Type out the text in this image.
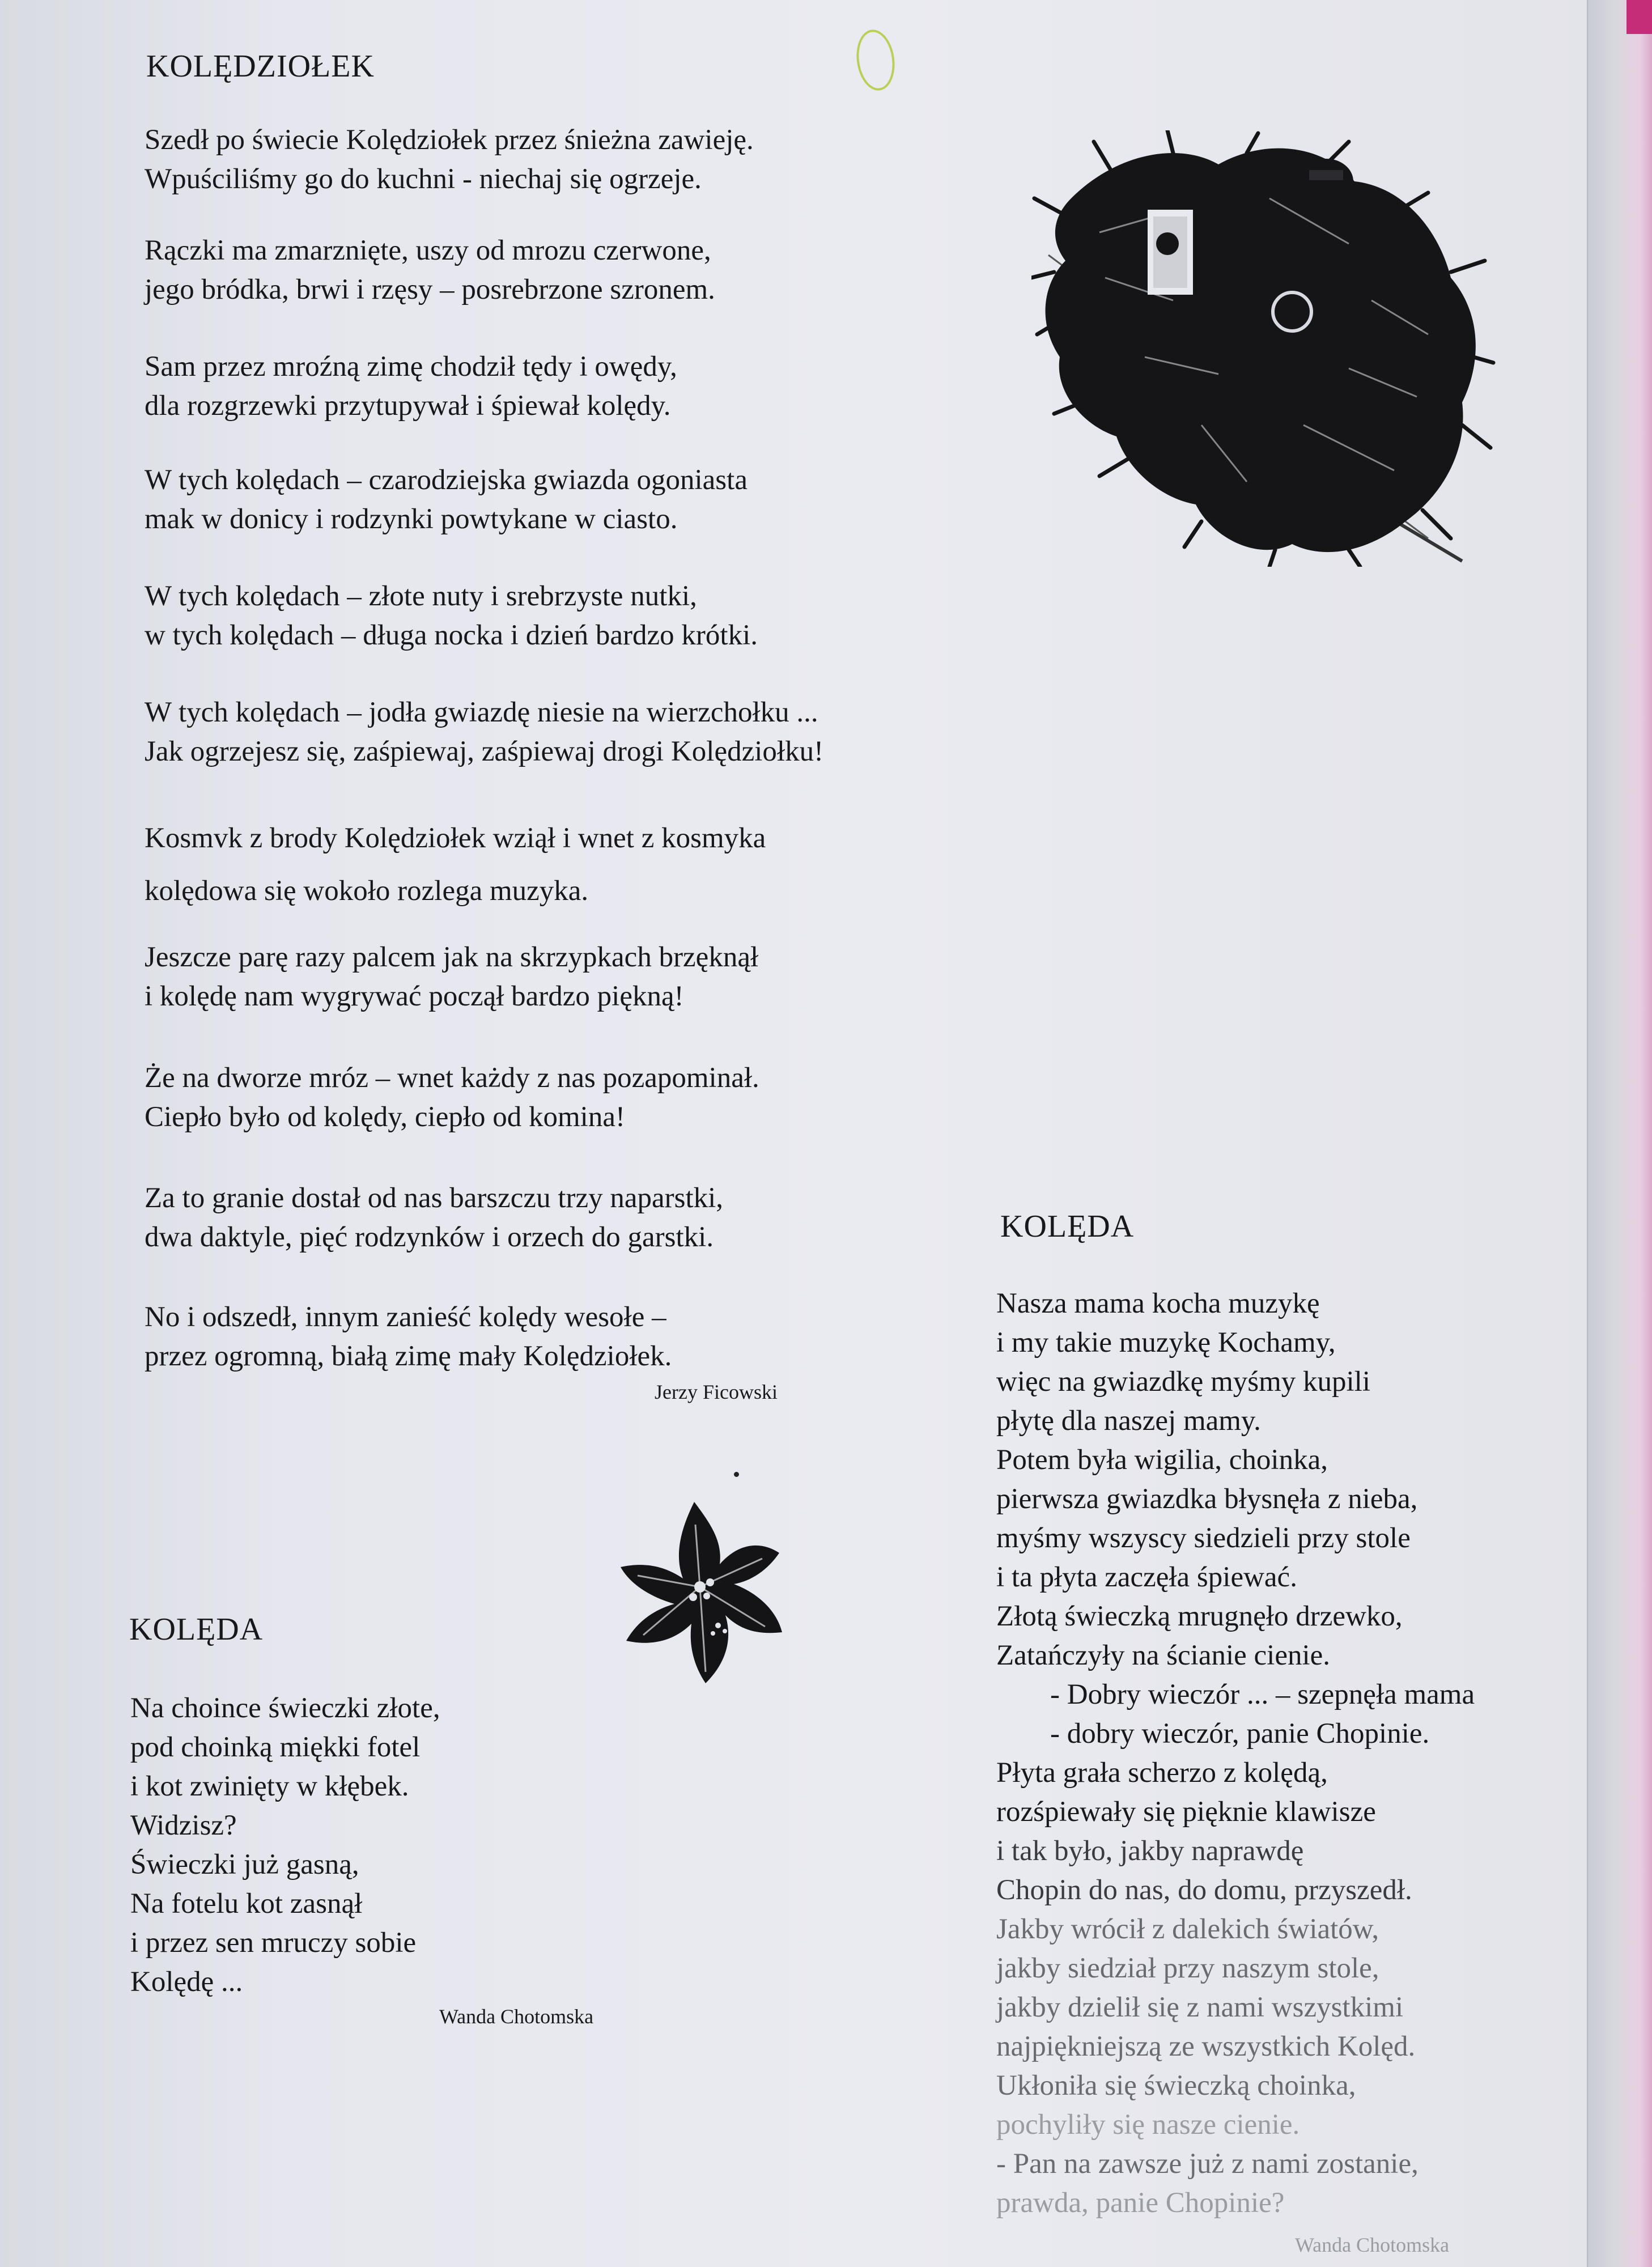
KOLĘDZIOŁEK
Szedł po świecie Kolędziołek przez śnieżna zawieję.
Wpuściliśmy go do kuchni - niechaj się ogrzeje.
Rączki ma zmarznięte, uszy od mrozu czerwone,
jego bródka, brwi i rzęsy – posrebrzone szronem.
Sam przez mroźną zimę chodził tędy i owędy,
dla rozgrzewki przytupywał i śpiewał kolędy.
W tych kolędach – czarodziejska gwiazda ogoniasta
mak w donicy i rodzynki powtykane w ciasto.
W tych kolędach – złote nuty i srebrzyste nutki,
w tych kolędach – długa nocka i dzień bardzo krótki.
W tych kolędach – jodła gwiazdę niesie na wierzchołku ...
Jak ogrzejesz się, zaśpiewaj, zaśpiewaj drogi Kolędziołku!
Kosmvk z brody Kolędziołek wziął i wnet z kosmyka
kolędowa się wokoło rozlega muzyka.
Jeszcze parę razy palcem jak na skrzypkach brzęknął
i kolędę nam wygrywać począł bardzo piękną!
Że na dworze mróz – wnet każdy z nas pozapominał.
Ciepło było od kolędy, ciepło od komina!
Za to granie dostał od nas barszczu trzy naparstki,
dwa daktyle, pięć rodzynków i orzech do garstki.
No i odszedł, innym zanieść kolędy wesołe –
przez ogromną, białą zimę mały Kolędziołek.
Jerzy Ficowski
KOLĘDA
Na choince świeczki złote,
pod choinką miękki fotel
i kot zwinięty w kłębek.
Widzisz?
Świeczki już gasną,
Na fotelu kot zasnął
i przez sen mruczy sobie
Kolędę ...
Wanda Chotomska
KOLĘDA
Nasza mama kocha muzykę
i my takie muzykę Kochamy,
więc na gwiazdkę myśmy kupili
płytę dla naszej mamy.
Potem była wigilia, choinka,
pierwsza gwiazdka błysnęła z nieba,
myśmy wszyscy siedzieli przy stole
i ta płyta zaczęła śpiewać.
Złotą świeczką mrugnęło drzewko,
Zatańczyły na ścianie cienie.
- Dobry wieczór ... – szepnęła mama
- dobry wieczór, panie Chopinie.
Płyta grała scherzo z kolędą,
rozśpiewały się pięknie klawisze
i tak było, jakby naprawdę
Chopin do nas, do domu, przyszedł.
Jakby wrócił z dalekich światów,
jakby siedział przy naszym stole,
jakby dzielił się z nami wszystkimi
najpiękniejszą ze wszystkich Kolęd.
Ukłoniła się świeczką choinka,
pochyliły się nasze cienie.
- Pan na zawsze już z nami zostanie,
prawda, panie Chopinie?
Wanda Chotomska
